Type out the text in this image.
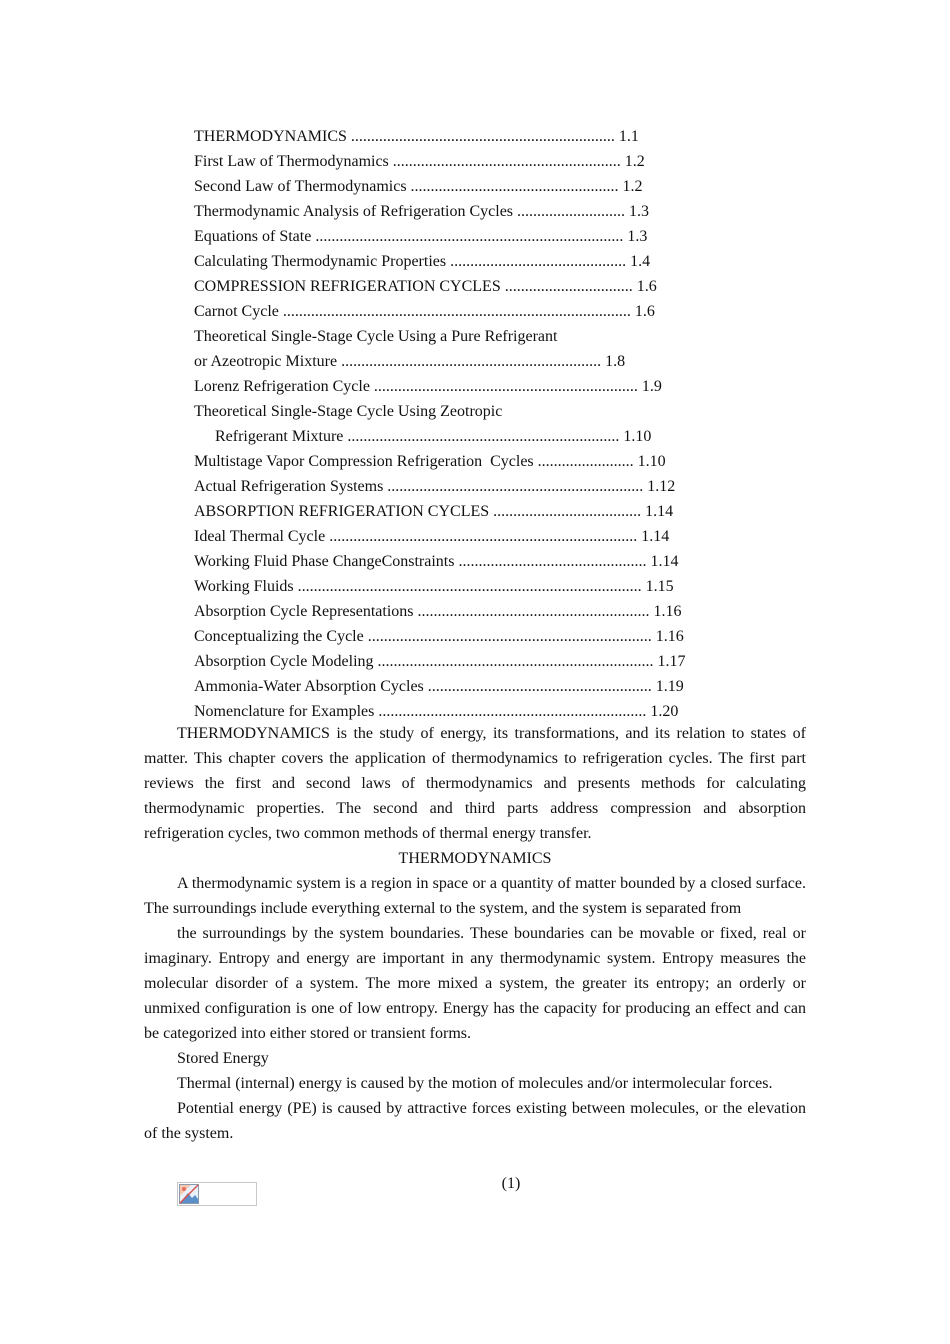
THERMODYNAMICS .................................................................. 1.1
First Law of Thermodynamics ......................................................... 1.2
Second Law of Thermodynamics .................................................... 1.2
Thermodynamic Analysis of Refrigeration Cycles ........................... 1.3
Equations of State ............................................................................. 1.3
Calculating Thermodynamic Properties ............................................ 1.4
COMPRESSION REFRIGERATION CYCLES ................................ 1.6
Carnot Cycle ....................................................................................... 1.6
Theoretical Single-Stage Cycle Using a Pure Refrigerant
or Azeotropic Mixture ................................................................. 1.8
Lorenz Refrigeration Cycle .................................................................. 1.9
Theoretical Single-Stage Cycle Using Zeotropic
Refrigerant Mixture .................................................................... 1.10
Multistage Vapor Compression Refrigeration  Cycles ........................ 1.10
Actual Refrigeration Systems ................................................................ 1.12
ABSORPTION REFRIGERATION CYCLES ..................................... 1.14
Ideal Thermal Cycle ............................................................................. 1.14
Working Fluid Phase ChangeConstraints ............................................... 1.14
Working Fluids ...................................................................................... 1.15
Absorption Cycle Representations .......................................................... 1.16
Conceptualizing the Cycle ....................................................................... 1.16
Absorption Cycle Modeling ..................................................................... 1.17
Ammonia-Water Absorption Cycles ........................................................ 1.19
Nomenclature for Examples ................................................................... 1.20

THERMODYNAMICS is the study of energy, its transformations, and its relation to states of matter. This chapter covers the application of thermodynamics to refrigeration cycles. The first part reviews the first and second laws of thermodynamics and presents methods for calculating thermodynamic properties. The second and third parts address compression and absorption refrigeration cycles, two common methods of thermal energy transfer.

THERMODYNAMICS

A thermodynamic system is a region in space or a quantity of matter bounded by a closed surface. The surroundings include everything external to the system, and the system is separated from

the surroundings by the system boundaries. These boundaries can be movable or fixed, real or imaginary. Entropy and energy are important in any thermodynamic system. Entropy measures the molecular disorder of a system. The more mixed a system, the greater its entropy; an orderly or unmixed configuration is one of low entropy. Energy has the capacity for producing an effect and can be categorized into either stored or transient forms.

Stored Energy

Thermal (internal) energy is caused by the motion of molecules and/or intermolecular forces.

Potential energy (PE) is caused by attractive forces existing between molecules, or the elevation of the system.

(1)
